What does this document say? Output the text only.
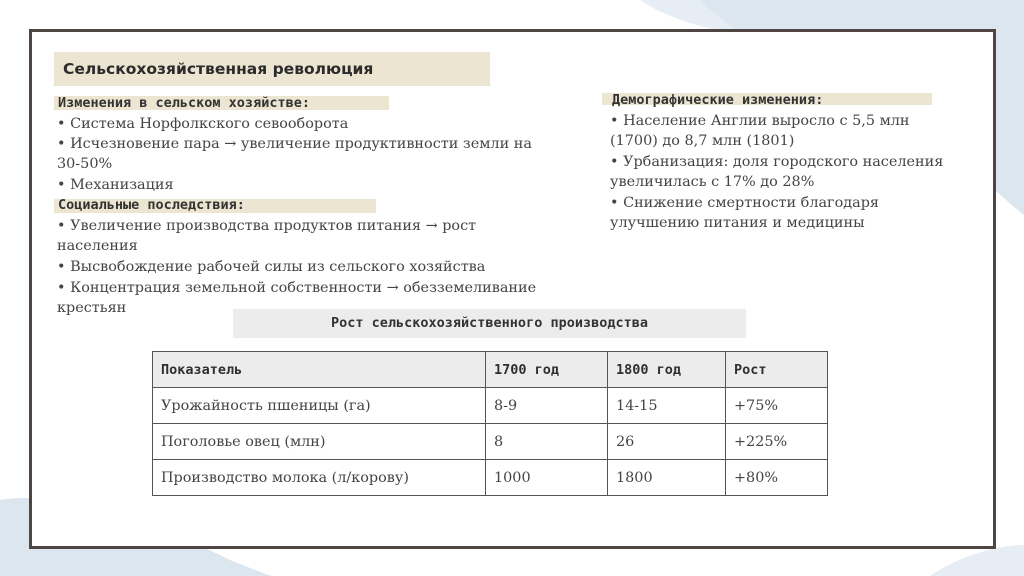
Сельскохозяйственная революция
Изменения в сельском хозяйстве:
• Система Норфолкского севооборота
• Исчезновение пара → увеличение продуктивности земли на
30-50%
• Механизация
Социальные последствия:
• Увеличение производства продуктов питания → рост
населения
• Высвобождение рабочей силы из сельского хозяйства
• Концентрация земельной собственности → обезземеливание
крестьян
Демографические изменения:
• Население Англии выросло с 5,5 млн
(1700) до 8,7 млн (1801)
• Урбанизация: доля городского населения
увеличилась с 17% до 28%
• Снижение смертности благодаря
улучшению питания и медицины
Рост сельскохозяйственного производства
Показатель	1700 год	1800 год	Рост
Урожайность пшеницы (га)	8-9	14-15	+75%
Поголовье овец (млн)	8	26	+225%
Производство молока (л/корову)	1000	1800	+80%
